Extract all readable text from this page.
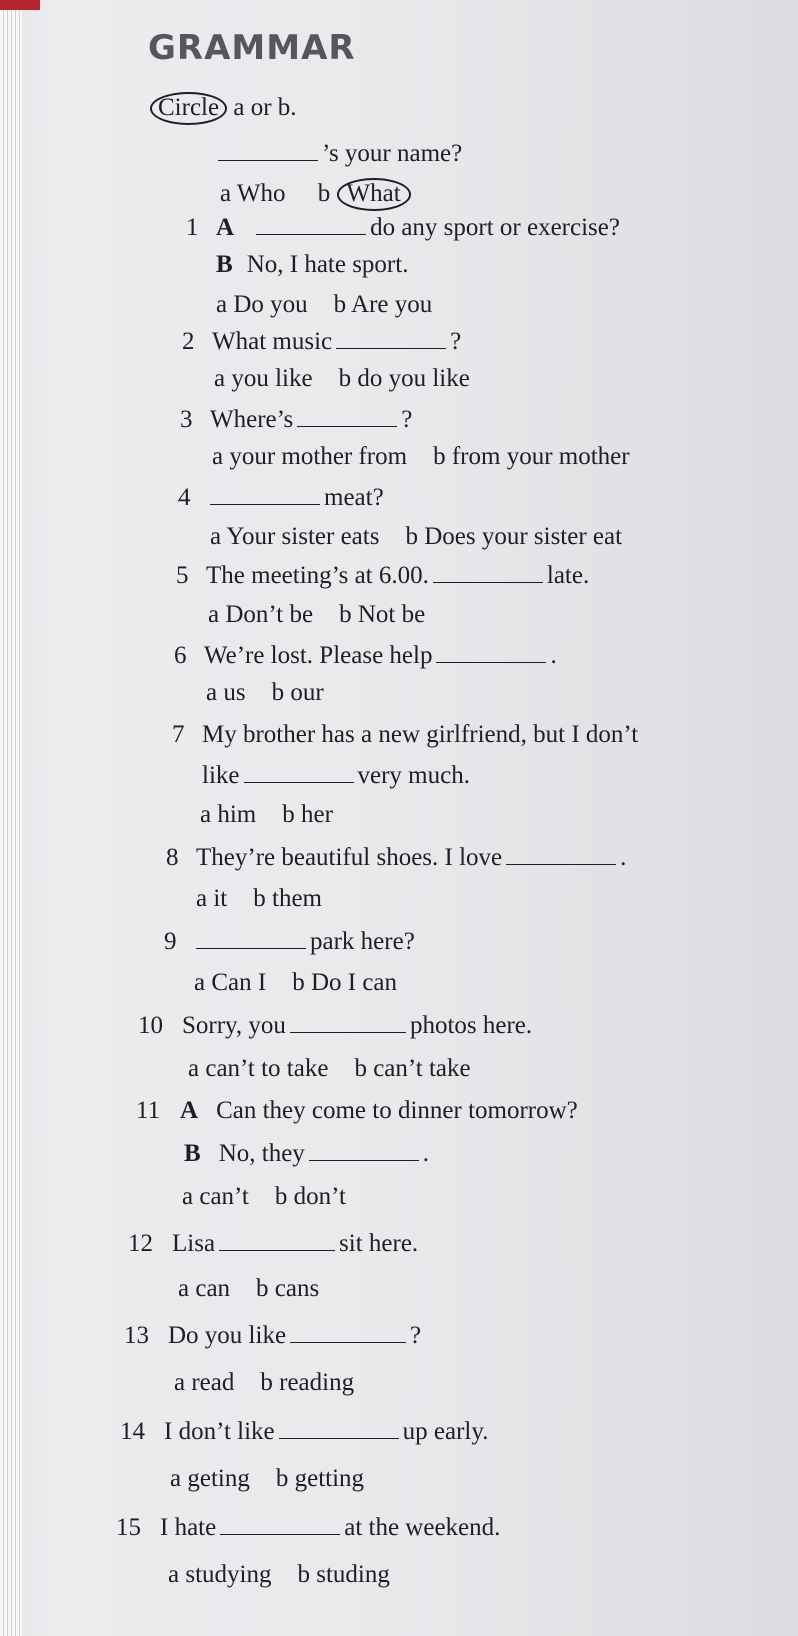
GRAMMAR
Circle a or b.
’s your name?
a Who b What
1 A	do any sport or exercise?
B No, I hate sport.
a Do you b Are you
2 What music	?
a you like b do you like
3 Where’s	?
a your mother from b from your mother
4	meat?
a Your sister eats b Does your sister eat
5 The meeting’s at 6.00.	late.
a Don’t be b Not be
6 We’re lost. Please help	.
a us b our
7 My brother has a new girlfriend, but I don’t
like	very much.
a him b her
8 They’re beautiful shoes. I love	.
a it b them
9	park here?
a Can I b Do I can
10 Sorry, you	photos here.
a can’t to take b can’t take
11 A Can they come to dinner tomorrow?
B No, they	.
a can’t b don’t
12 Lisa	sit here.
a can b cans
13 Do you like	?
a read b reading
14 I don’t like	up early.
a geting b getting
15 I hate	at the weekend.
a studying b studing
